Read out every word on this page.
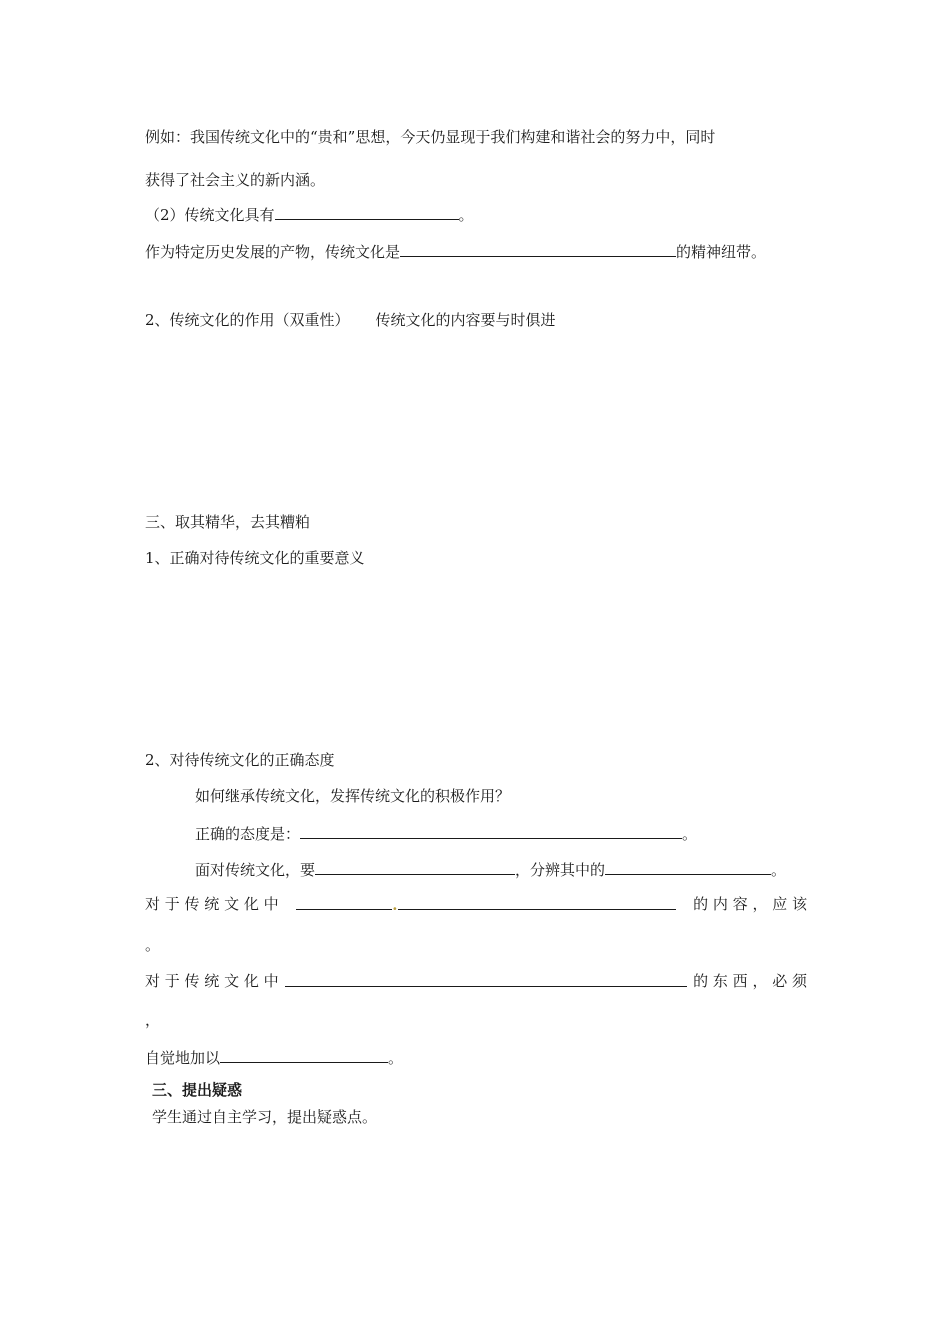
例如：我国传统文化中的“贵和”思想，今天仍显现于我们构建和谐社会的努力中，同时
获得了社会主义的新内涵。
（2）传统文化具有	。
作为特定历史发展的产物，传统文化是	的精神纽带。
2、传统文化的作用（双重性） 传统文化的内容要与时俱进
三、取其精华，去其糟粕
1、正确对待传统文化的重要意义
2、对待传统文化的正确态度
如何继承传统文化，发挥传统文化的积极作用？
正确的态度是：	。
面对传统文化，要	，分辨其中的	。
对 于 传 统 文 化 中	.	的 内 容 ， 应 该
。
对 于 传 统 文 化 中	的 东 西 ， 必 须
，
自觉地加以	。
三、提出疑惑
学生通过自主学习，提出疑惑点。
